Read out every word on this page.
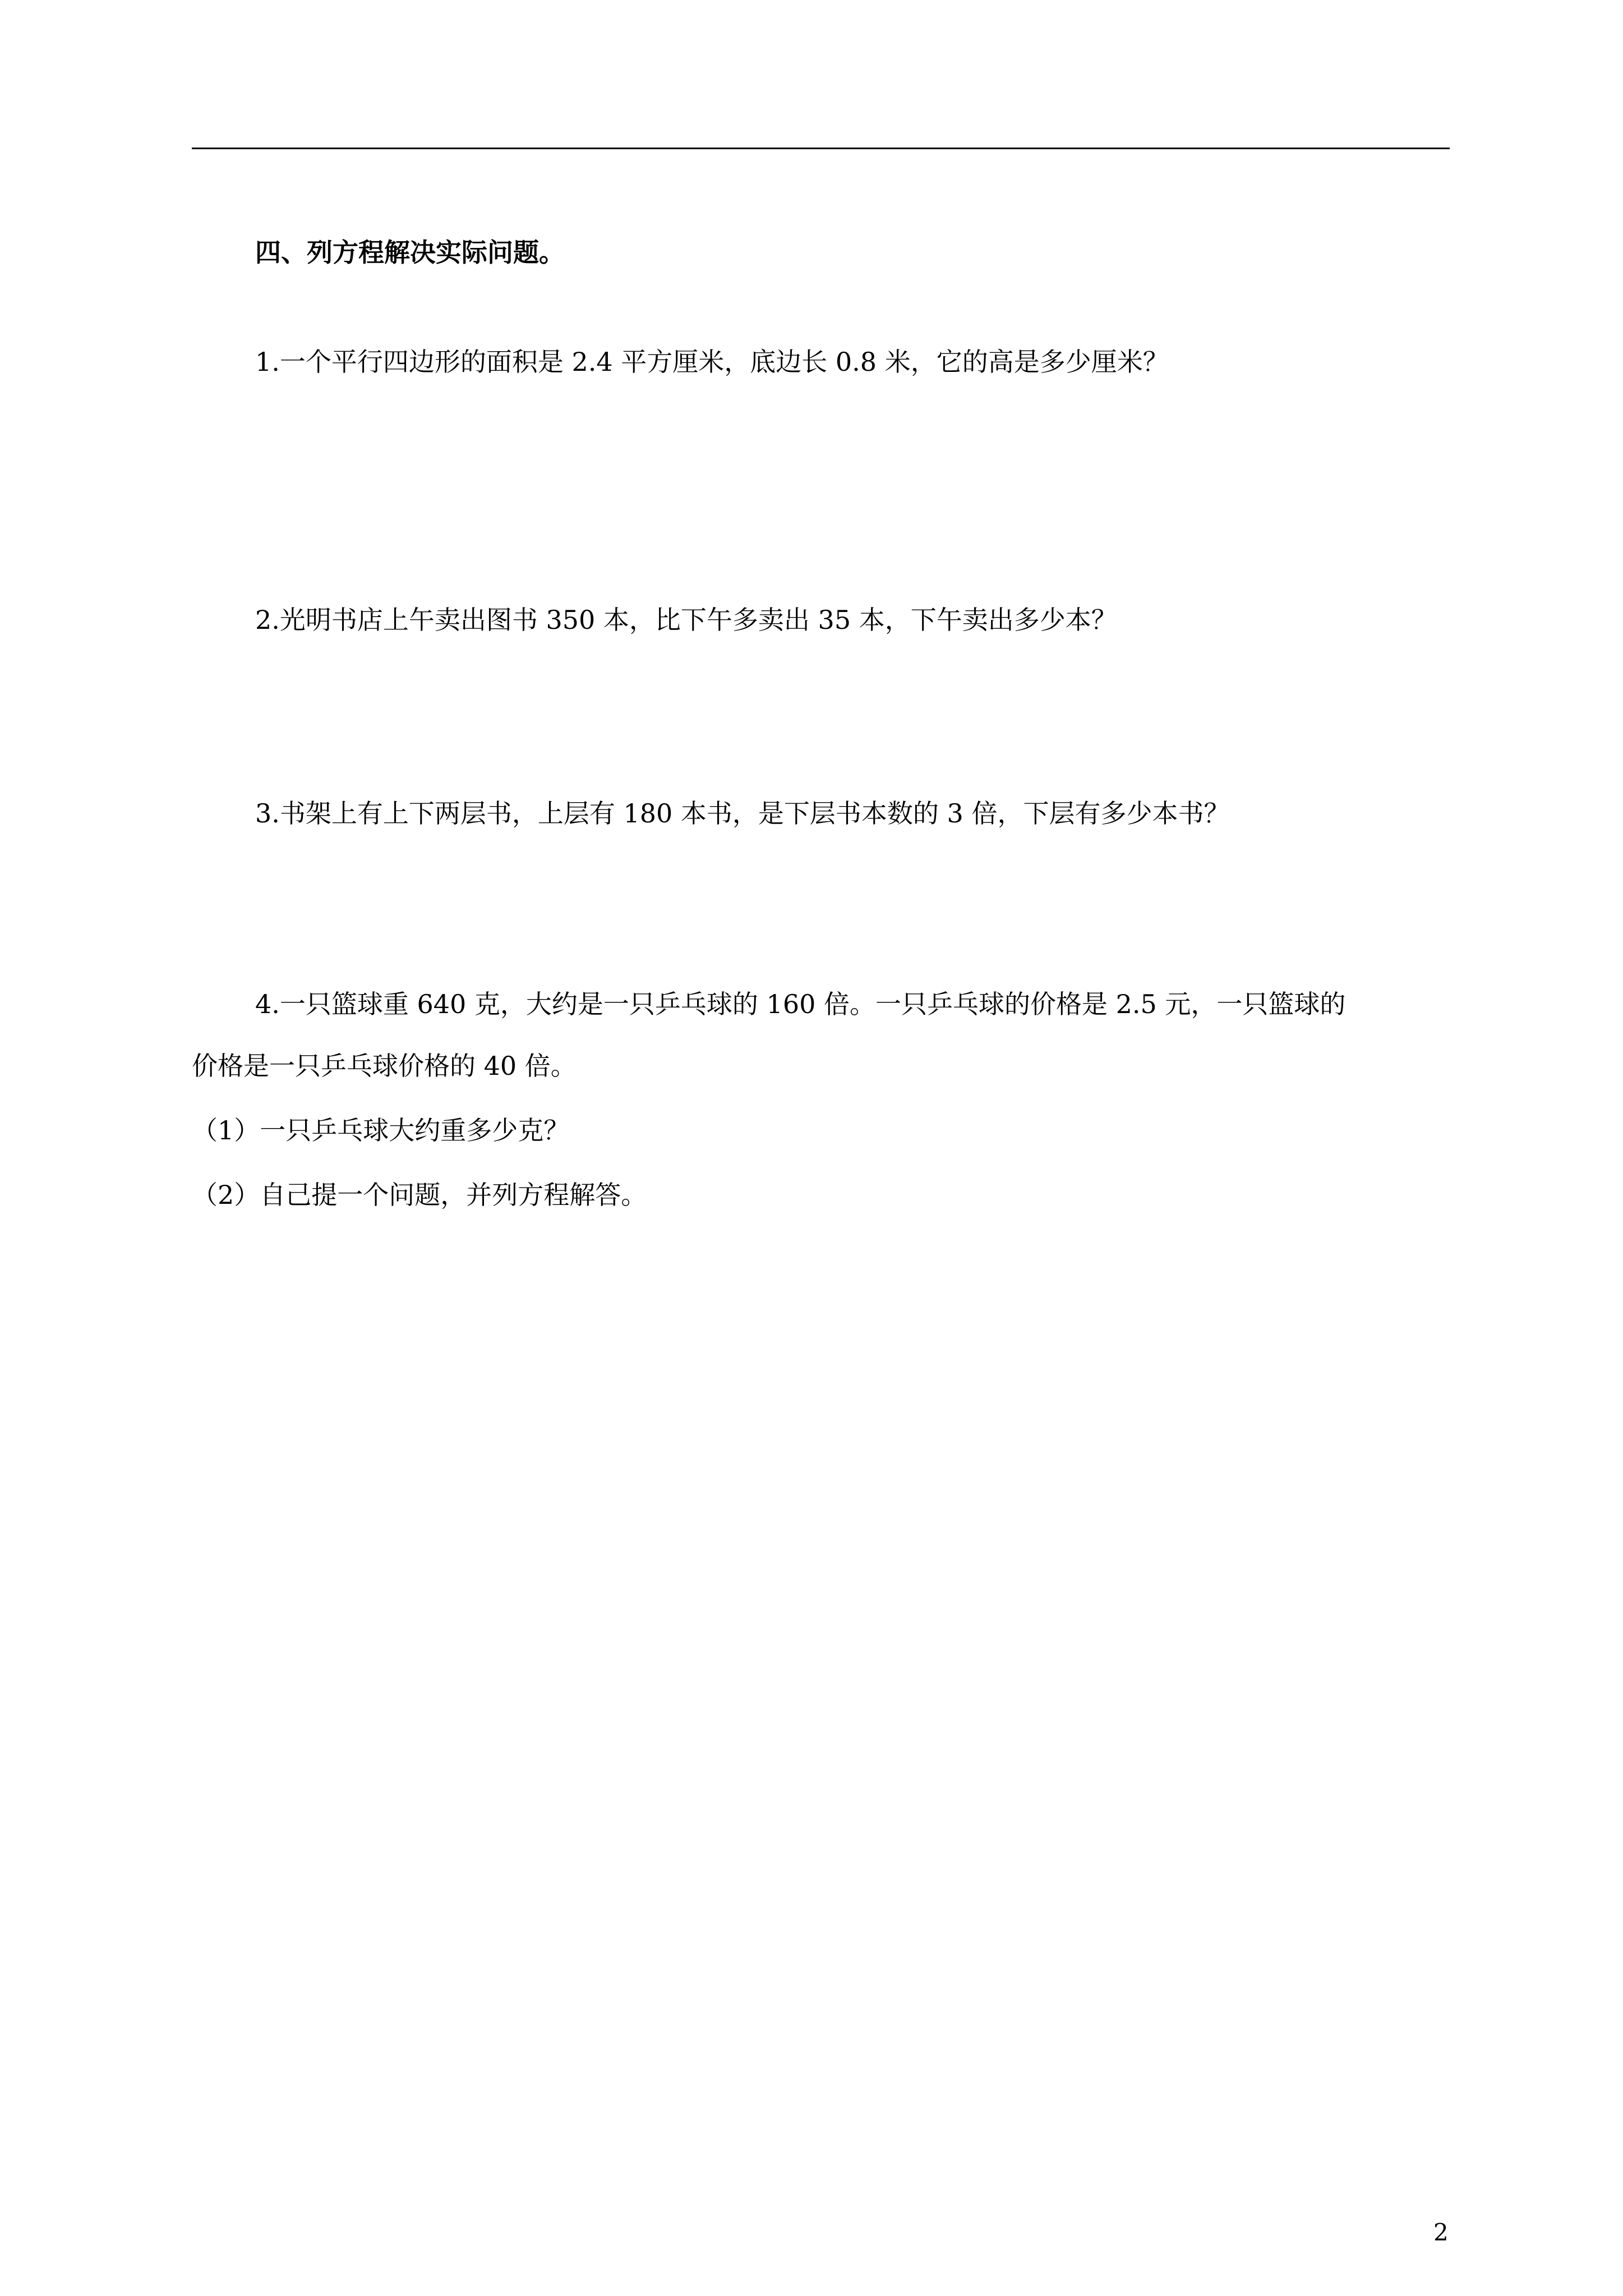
四、列方程解决实际问题。
1.一个平行四边形的面积是 2.4 平方厘米，底边长 0.8 米，它的高是多少厘米？
2.光明书店上午卖出图书 350 本，比下午多卖出 35 本，下午卖出多少本？
3.书架上有上下两层书，上层有 180 本书，是下层书本数的 3 倍，下层有多少本书？
4.一只篮球重 640 克，大约是一只乒乓球的 160 倍。一只乒乓球的价格是 2.5 元，一只篮球的
价格是一只乒乓球价格的 40 倍。
（1）一只乒乓球大约重多少克？
（2）自己提一个问题，并列方程解答。
2
